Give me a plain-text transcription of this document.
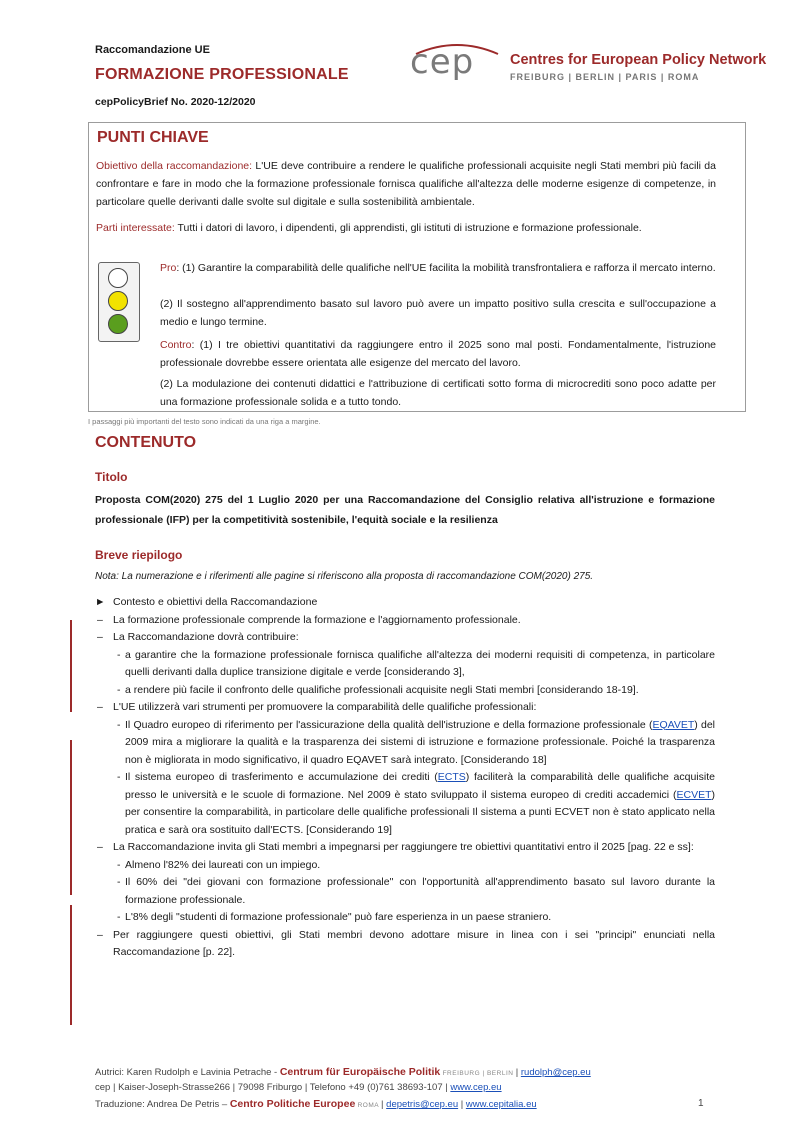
Raccomandazione UE
FORMAZIONE PROFESSIONALE
cepPolicyBrief No. 2020-12/2020
cep Centres for European Policy Network
FREIBURG | BERLIN | PARIS | ROMA
PUNTI CHIAVE
Obiettivo della raccomandazione: L'UE deve contribuire a rendere le qualifiche professionali acquisite negli Stati membri più facili da confrontare e fare in modo che la formazione professionale fornisca qualifiche all'altezza delle moderne esigenze di competenze, in particolare quelle derivanti dalle svolte sul digitale e sulla sostenibilità ambientale.
Parti interessate: Tutti i datori di lavoro, i dipendenti, gli apprendisti, gli istituti di istruzione e formazione professionale.
Pro: (1) Garantire la comparabilità delle qualifiche nell'UE facilita la mobilità transfrontaliera e rafforza il mercato interno.
(2) Il sostegno all'apprendimento basato sul lavoro può avere un impatto positivo sulla crescita e sull'occupazione a medio e lungo termine.
Contro: (1) I tre obiettivi quantitativi da raggiungere entro il 2025 sono mal posti. Fondamentalmente, l'istruzione professionale dovrebbe essere orientata alle esigenze del mercato del lavoro.
(2) La modulazione dei contenuti didattici e l'attribuzione di certificati sotto forma di microcrediti sono poco adatte per una formazione professionale solida e a tutto tondo.
I passaggi più importanti del testo sono indicati da una riga a margine.
CONTENUTO
Titolo
Proposta COM(2020) 275 del 1 Luglio 2020 per una Raccomandazione del Consiglio relativa all'istruzione e formazione professionale (IFP) per la competitività sostenibile, l'equità sociale e la resilienza
Breve riepilogo
Nota: La numerazione e i riferimenti alle pagine si riferiscono alla proposta di raccomandazione COM(2020) 275.
► Contesto e obiettivi della Raccomandazione
– La formazione professionale comprende la formazione e l'aggiornamento professionale.
– La Raccomandazione dovrà contribuire:
- a garantire che la formazione professionale fornisca qualifiche all'altezza dei moderni requisiti di competenza, in particolare quelli derivanti dalla duplice transizione digitale e verde [considerando 3],
- a rendere più facile il confronto delle qualifiche professionali acquisite negli Stati membri [considerando 18-19].
– L'UE utilizzerà vari strumenti per promuovere la comparabilità delle qualifiche professionali:
- Il Quadro europeo di riferimento per l'assicurazione della qualità dell'istruzione e della formazione professionale (EQAVET) del 2009 mira a migliorare la qualità e la trasparenza dei sistemi di istruzione e formazione professionale. Poiché la trasparenza non è migliorata in modo significativo, il quadro EQAVET sarà integrato. [Considerando 18]
- Il sistema europeo di trasferimento e accumulazione dei crediti (ECTS) faciliterà la comparabilità delle qualifiche acquisite presso le università e le scuole di formazione. Nel 2009 è stato sviluppato il sistema europeo di crediti accademici (ECVET) per consentire la comparabilità, in particolare delle qualifiche professionali Il sistema a punti ECVET non è stato applicato nella pratica e sarà ora sostituito dall'ECTS. [Considerando 19]
– La Raccomandazione invita gli Stati membri a impegnarsi per raggiungere tre obiettivi quantitativi entro il 2025 [pag. 22 e ss]:
- Almeno l'82% dei laureati con un impiego.
- Il 60% dei "dei giovani con formazione professionale" con l'opportunità all'apprendimento basato sul lavoro durante la formazione professionale.
- L'8% degli "studenti di formazione professionale" può fare esperienza in un paese straniero.
– Per raggiungere questi obiettivi, gli Stati membri devono adottare misure in linea con i sei "principi" enunciati nella Raccomandazione [p. 22].
Autrici: Karen Rudolph e Lavinia Petrache - Centrum für Europäische Politik FREIBURG | BERLIN | rudolph@cep.eu
cep | Kaiser-Joseph-Strasse266 | 79098 Friburgo | Telefono +49 (0)761 38693-107 | www.cep.eu
Traduzione: Andrea De Petris – Centro Politiche Europee ROMA | depetris@cep.eu | www.cepitalia.eu	1
